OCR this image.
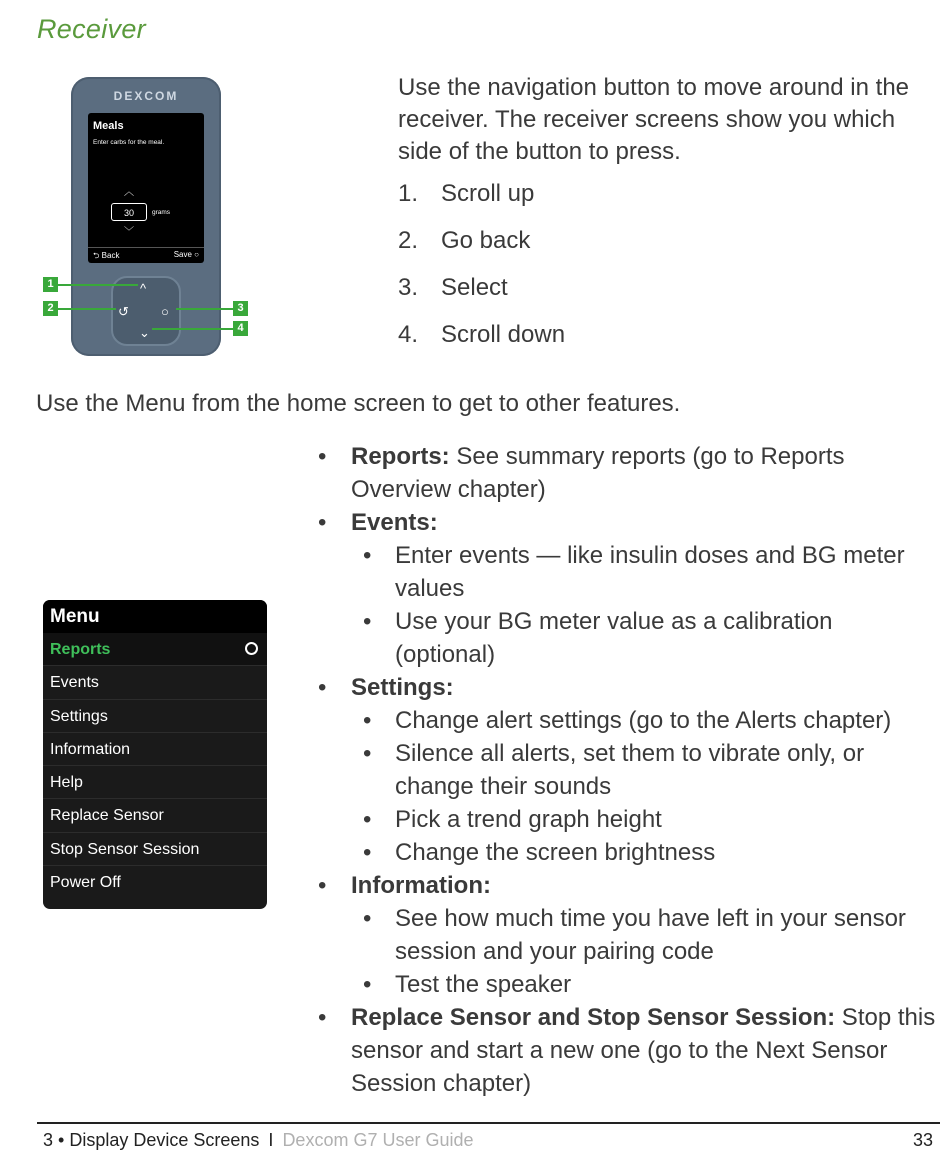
Receiver
DEXCOM
Meals
Enter carbs for the meal.
︿
30	grams
﹀
⮌ Back	Save ○
^
↺ ○
⌄
1
2	3
4
Use the navigation button to move around in the receiver. The receiver screens show you which side of the button to press.
1. Scroll up
2. Go back
3. Select
4. Scroll down
Use the Menu from the home screen to get to other features.
Menu
Reports
Events
Settings
Information
Help
Replace Sensor
Stop Sensor Session
Power Off
• Reports: See summary reports (go to Reports Overview chapter)
• Events:
• Enter events — like insulin doses and BG meter values
• Use your BG meter value as a calibration (optional)
• Settings:
• Change alert settings (go to the Alerts chapter)
• Silence all alerts, set them to vibrate only, or change their sounds
• Pick a trend graph height
• Change the screen brightness
• Information:
• See how much time you have left in your sensor session and your pairing code
• Test the speaker
• Replace Sensor and Stop Sensor Session: Stop this sensor and start a new one (go to the Next Sensor Session chapter)
3 • Display Device Screens I Dexcom G7 User Guide	33
